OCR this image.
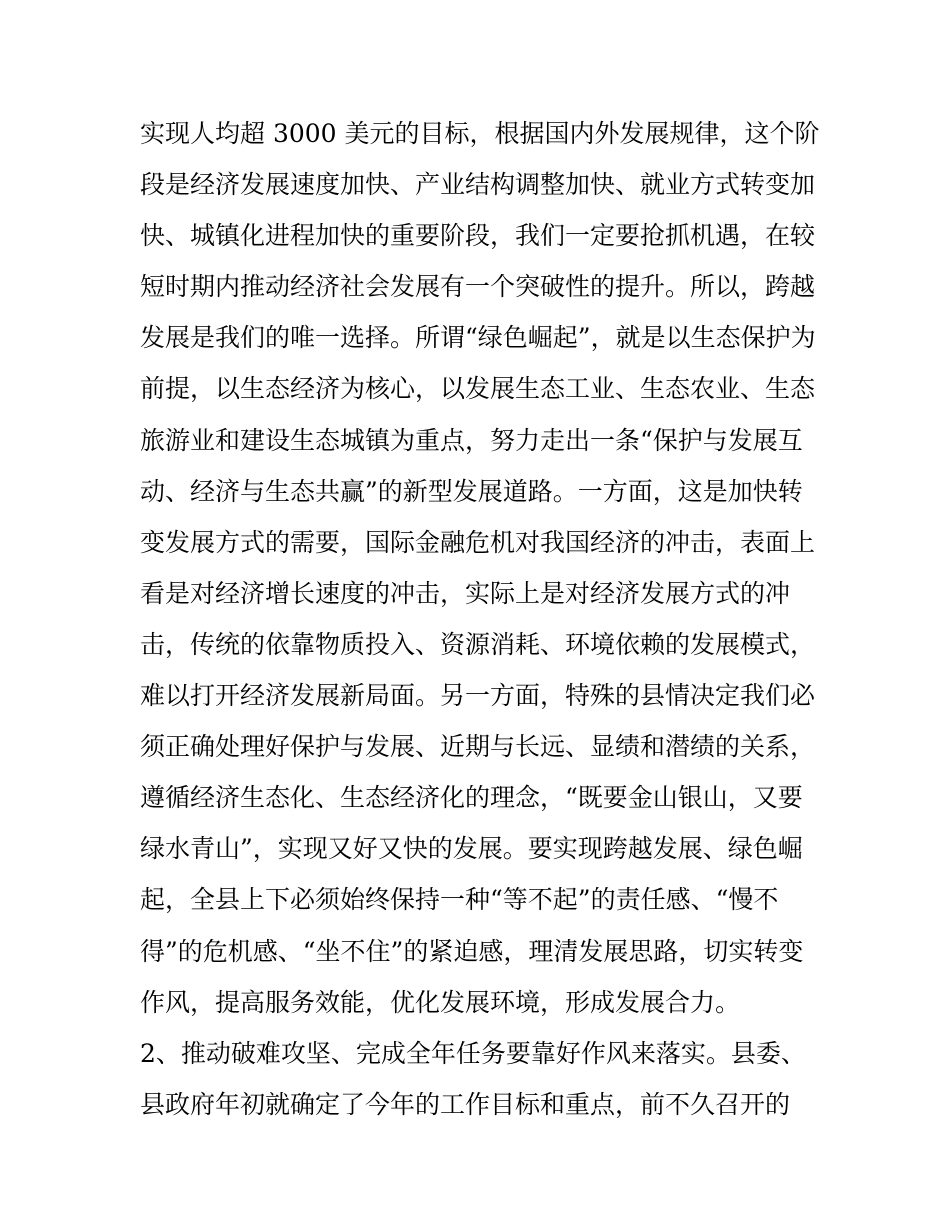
实现人均超 3000 美元的目标，根据国内外发展规律，这个阶
段是经济发展速度加快、产业结构调整加快、就业方式转变加
快、城镇化进程加快的重要阶段，我们一定要抢抓机遇，在较
短时期内推动经济社会发展有一个突破性的提升。所以，跨越
发展是我们的唯一选择。所谓“绿色崛起”，就是以生态保护为
前提，以生态经济为核心，以发展生态工业、生态农业、生态
旅游业和建设生态城镇为重点，努力走出一条“保护与发展互
动、经济与生态共赢”的新型发展道路。一方面，这是加快转
变发展方式的需要，国际金融危机对我国经济的冲击，表面上
看是对经济增长速度的冲击，实际上是对经济发展方式的冲
击，传统的依靠物质投入、资源消耗、环境依赖的发展模式，
难以打开经济发展新局面。另一方面，特殊的县情决定我们必
须正确处理好保护与发展、近期与长远、显绩和潜绩的关系，
遵循经济生态化、生态经济化的理念，“既要金山银山，又要
绿水青山”，实现又好又快的发展。要实现跨越发展、绿色崛
起，全县上下必须始终保持一种“等不起”的责任感、“慢不
得”的危机感、“坐不住”的紧迫感，理清发展思路，切实转变
作风，提高服务效能，优化发展环境，形成发展合力。
2、推动破难攻坚、完成全年任务要靠好作风来落实。县委、
县政府年初就确定了今年的工作目标和重点，前不久召开的
